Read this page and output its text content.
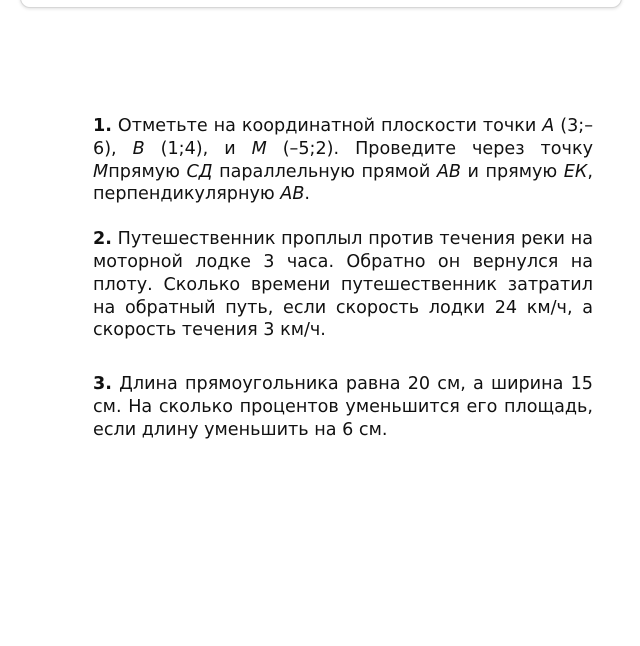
1. Отметьте на координатной плоскости точки А (3;–6), В (1;4), и М (–5;2). Проведите через точку Мпрямую СД параллельную прямой АВ и прямую ЕК, перпендикулярную АВ.

2. Путешественник проплыл против течения реки на моторной лодке 3 часа. Обратно он вернулся на плоту. Сколько времени путешественник затратил на обратный путь, если скорость лодки 24 км/ч, а скорость течения 3 км/ч.

3. Длина прямоугольника равна 20 см, а ширина 15 см. На сколько процентов уменьшится его площадь, если длину уменьшить на 6 см.
